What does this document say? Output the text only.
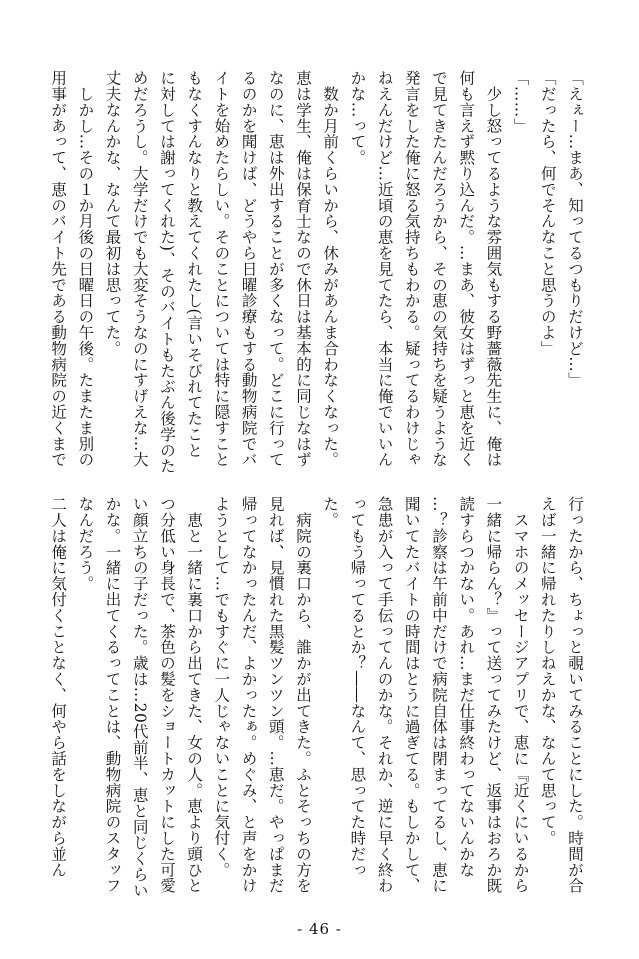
「えぇー…まあ、知ってるつもりだけど…」
「だったら、何でそんなこと思うのよ」
「……」
　少し怒ってるような雰囲気もする野薔薇先生に、俺は
何も言えず黙り込んだ。…まあ、彼女はずっと恵を近く
で見てきたんだろうから、その恵の気持ちを疑うような
発言をした俺に怒る気持ちもわかる。疑ってるわけじゃ
ねえんだけど…近頃の恵を見てたら、本当に俺でいいん
かな…って。
　数か月前くらいから、休みがあんま合わなくなった。
恵は学生、俺は保育士なので休日は基本的に同じなはず
なのに、恵は外出することが多くなって。どこに行って
るのかを聞けば、どうやら日曜診療もする動物病院でバ
イトを始めたらしい。そのことについては特に隠すこと
もなくすんなりと教えてくれたし(言いそびれてたこと
に対しては謝ってくれた)、そのバイトもたぶん後学のた
めだろうし。大学だけでも大変そうなのにすげえな…大
丈夫なんかな、なんて最初は思ってた。
　しかし…その１か月後の日曜日の午後。たまたま別の
用事があって、恵のバイト先である動物病院の近くまで
行ったから、ちょっと覗いてみることにした。時間が合
えば一緒に帰れたりしねえかな、なんて思って。
　スマホのメッセージアプリで、恵に『近くにいるから
一緒に帰らん？』って送ってみたけど、返事はおろか既
読すらつかない。あれ…まだ仕事終わってないんかな
…？診察は午前中だけで病院自体は閉まってるし、恵に
聞いてたバイトの時間はとうに過ぎてる。もしかして、
急患が入って手伝ってんのかな。それか、逆に早く終わ
ってもう帰ってるとか？――なんて、思ってた時だっ
た。
　病院の裏口から、誰かが出てきた。ふとそっちの方を
見れば、見慣れた黒髪ツンツン頭。…恵だ。やっぱまだ
帰ってなかったんだ、よかったぁ。めぐみ、と声をかけ
ようとして…でもすぐに一人じゃないことに気付く。
　恵と一緒に裏口から出てきた、女の人。恵より頭ひと
つ分低い身長で、茶色の髪をショートカットにした可愛
い顔立ちの子だった。歳は…20代前半、恵と同じくらい
かな。一緒に出てくるってことは、動物病院のスタッフ
なんだろう。
二人は俺に気付くことなく、何やら話をしながら並ん
- 46 -
